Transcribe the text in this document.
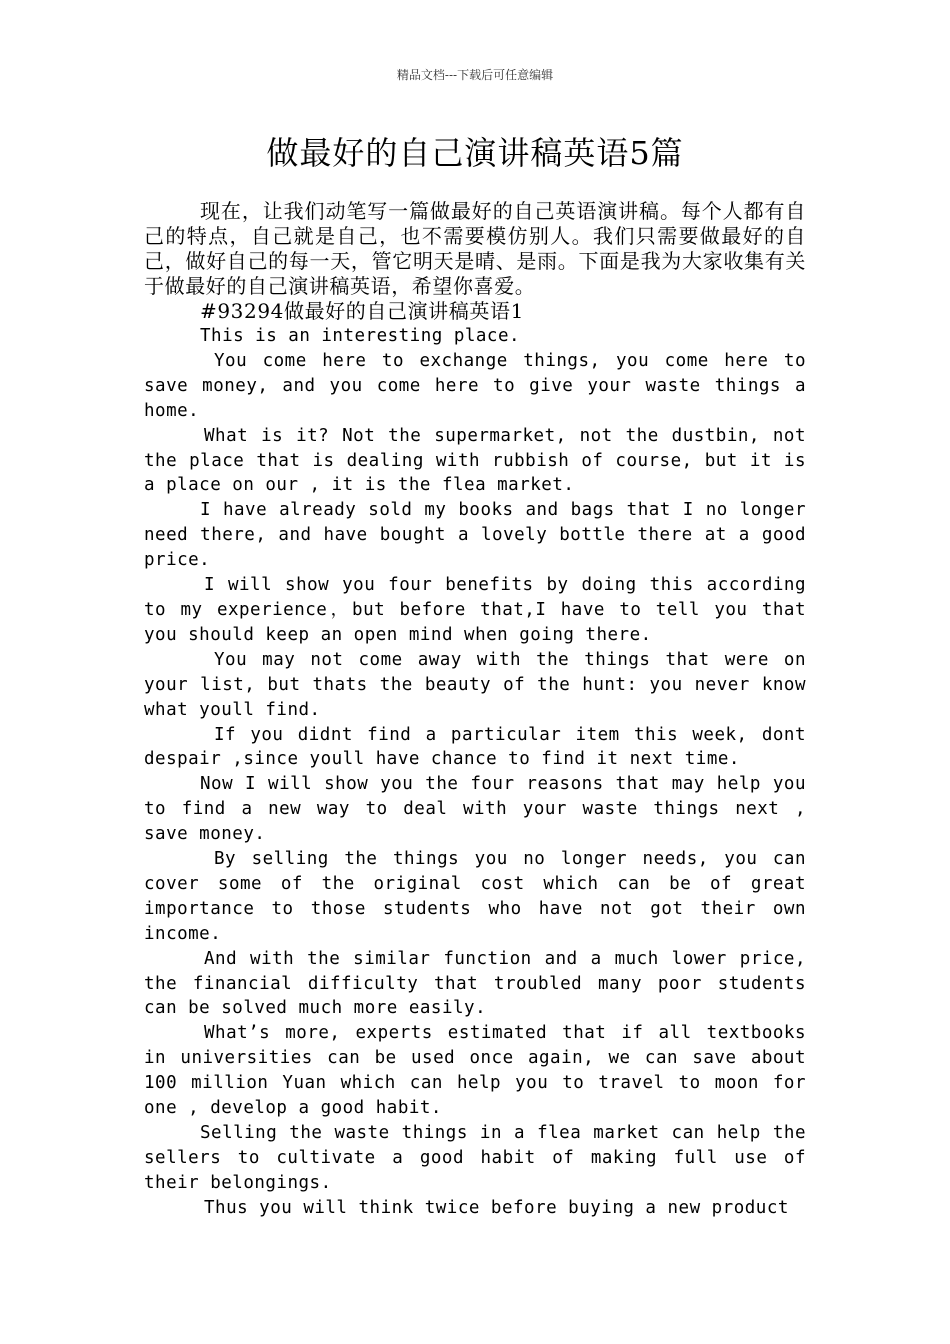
精品文档---下载后可任意编辑
做最好的自己演讲稿英语5篇

现在，让我们动笔写一篇做最好的自己英语演讲稿。每个人都有自己的特点，自己就是自己，也不需要模仿别人。我们只需要做最好的自己，做好自己的每一天，管它明天是晴、是雨。下面是我为大家收集有关于做最好的自己演讲稿英语，希望你喜爱。

#93294做最好的自己演讲稿英语1

This is an interesting place.

You come here to exchange things, you come here to save money, and you come here to give your waste things a home.

What is it? Not the supermarket, not the dustbin, not the place that is dealing with rubbish of course, but it is a place on our , it is the flea market.

I have already sold my books and bags that I no longer need there, and have bought a lovely bottle there at a good price.

I will show you four benefits by doing this according to my experience，but before that,I have to tell you that you should keep an open mind when going there.

You may not come away with the things that were on your list, but thats the beauty of the hunt: you never know what youll find.

If you didnt find a particular item this week, dont despair ,since youll have chance to find it next time.

Now I will show you the four reasons that may help you to find a new way to deal with your waste things next , save money.

By selling the things you no longer needs, you can cover some of the original cost which can be of great importance to those students who have not got their own income.

And with the similar function and a much lower price, the financial difficulty that troubled many poor students can be solved much more easily.

What’s more, experts estimated that if all textbooks in universities can be used once again, we can save about 100 million Yuan which can help you to travel to moon for one , develop a good habit.

Selling the waste things in a flea market can help the sellers to cultivate a good habit of making full use of their belongings.

Thus you will think twice before buying a new product
